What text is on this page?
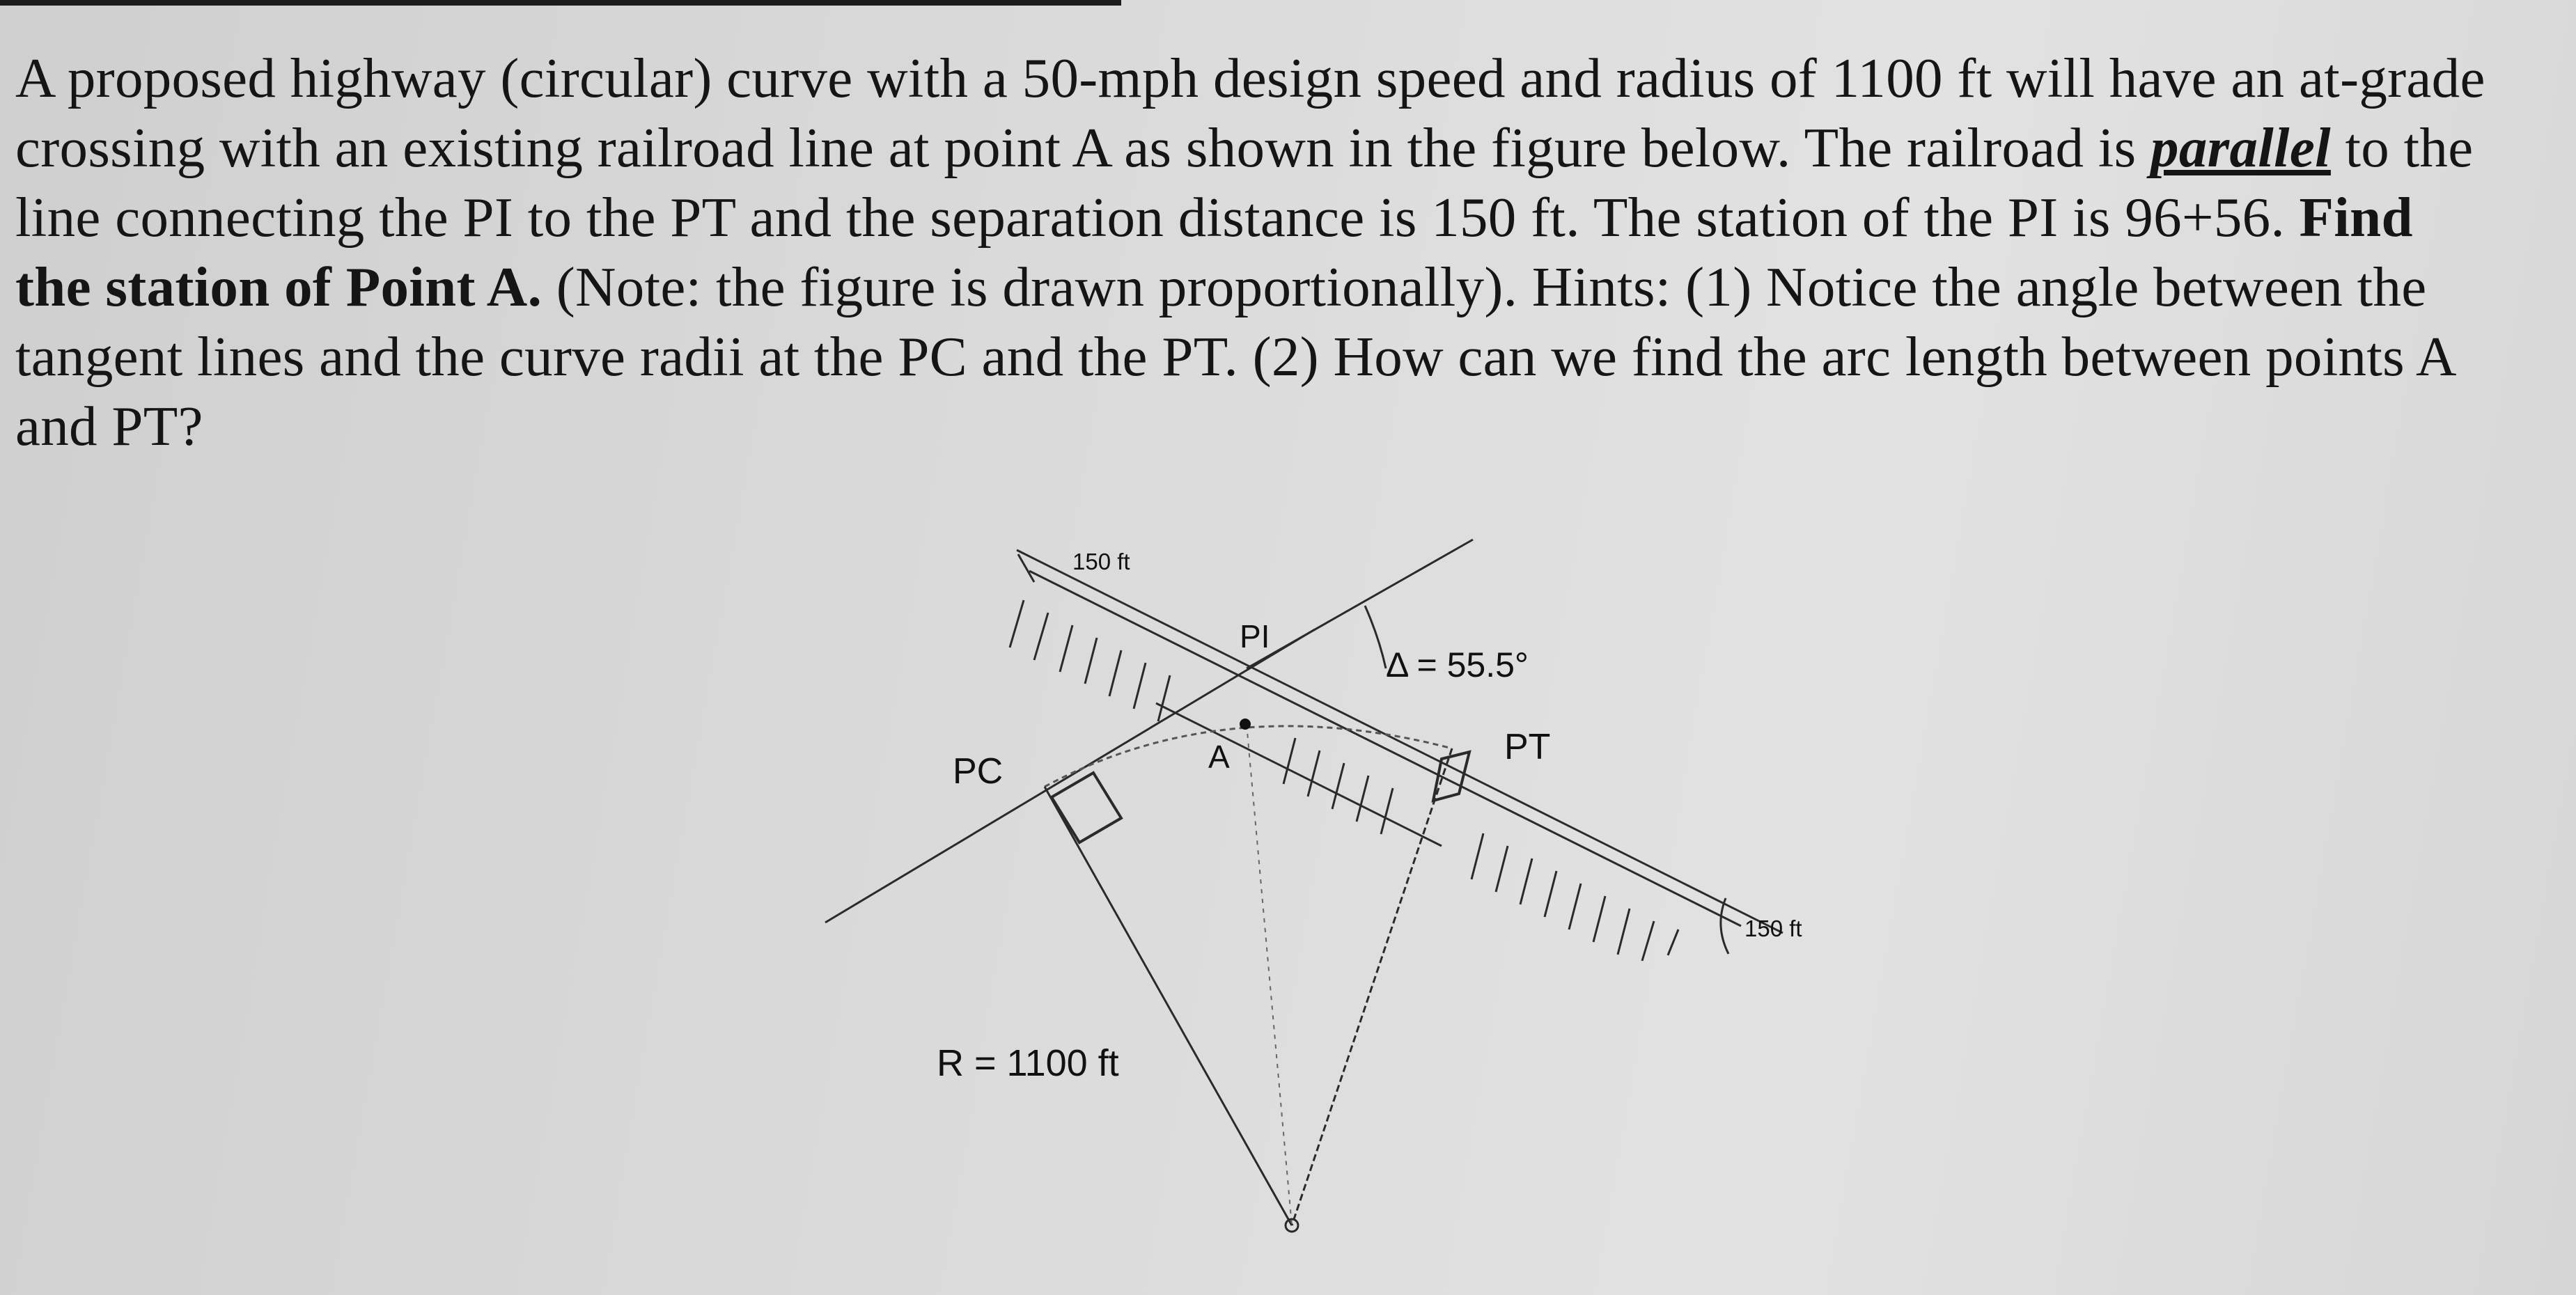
A proposed highway (circular) curve with a 50-mph design speed and radius of 1100 ft will have an at-grade crossing with an existing railroad line at point A as shown in the figure below. The railroad is parallel to the line connecting the PI to the PT and the separation distance is 150 ft. The station of the PI is 96+56. Find the station of Point A. (Note: the figure is drawn proportionally). Hints: (1) Notice the angle between the tangent lines and the curve radii at the PC and the PT. (2) How can we find the arc length between points A and PT?

150 ft
PI
Δ = 55.5°
PC	A	PT
150 ft
R = 1100 ft
